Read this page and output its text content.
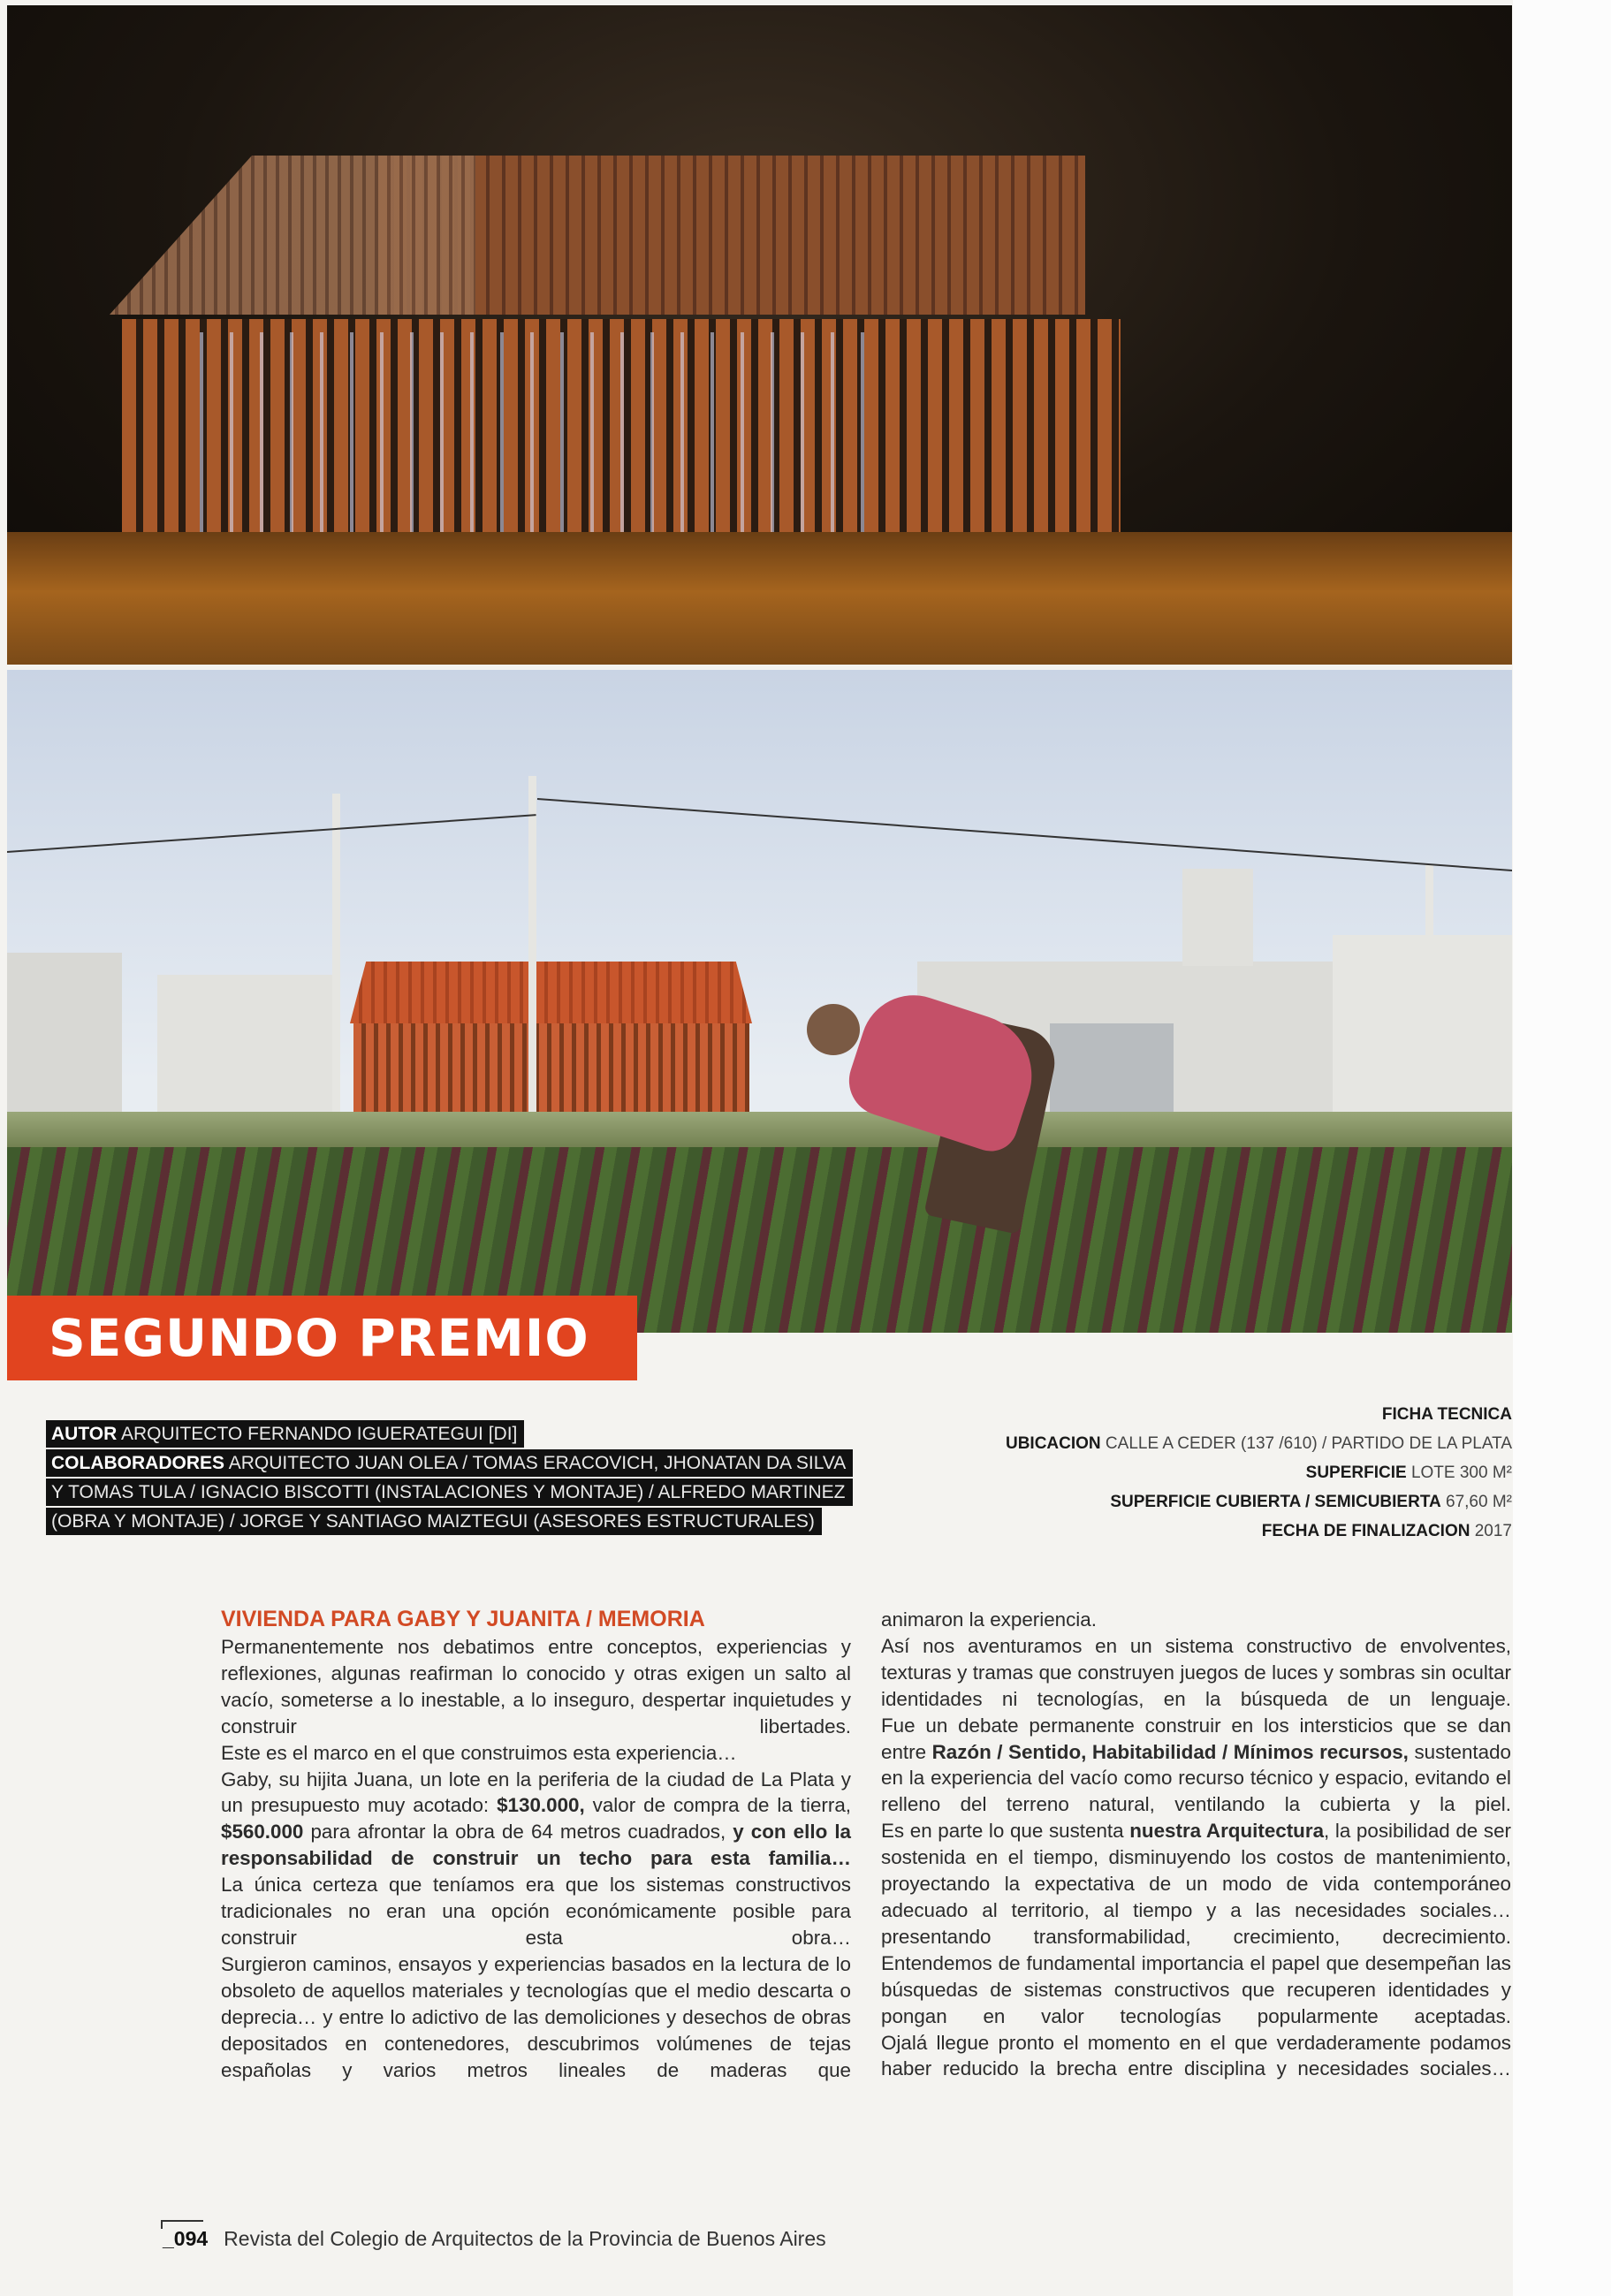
SEGUNDO PREMIO
AUTOR ARQUITECTO FERNANDO IGUERATEGUI [DI]
COLABORADORES ARQUITECTO JUAN OLEA / TOMAS ERACOVICH, JHONATAN DA SILVA
Y TOMAS TULA / IGNACIO BISCOTTI (INSTALACIONES Y MONTAJE) / ALFREDO MARTINEZ
(OBRA Y MONTAJE) / JORGE Y SANTIAGO MAIZTEGUI (ASESORES ESTRUCTURALES)
FICHA TECNICA
UBICACION CALLE A CEDER (137 /610) / PARTIDO DE LA PLATA
SUPERFICIE LOTE 300 M²
SUPERFICIE CUBIERTA / SEMICUBIERTA 67,60 M²
FECHA DE FINALIZACION 2017
VIVIENDA PARA GABY Y JUANITA / MEMORIA

Permanentemente nos debatimos entre conceptos, experiencias y reflexiones, algunas reafirman lo conocido y otras exigen un salto al vacío, someterse a lo inestable, a lo inseguro, despertar inquietudes y construir libertades.

Este es el marco en el que construimos esta experiencia…

Gaby, su hijita Juana, un lote en la periferia de la ciudad de La Plata y un presupuesto muy acotado: $130.000, valor de compra de la tierra, $560.000 para afrontar la obra de 64 metros cuadrados, y con ello la responsabilidad de construir un techo para esta familia…

La única certeza que teníamos era que los sistemas constructivos tradicionales no eran una opción económicamente posible para construir esta obra…

Surgieron caminos, ensayos y experiencias basados en la lectura de lo obsoleto de aquellos materiales y tecnologías que el medio descarta o deprecia… y entre lo adictivo de las demoliciones y desechos de obras depositados en contenedores, descubrimos volúmenes de tejas españolas y varios metros lineales de maderas que

animaron la experiencia.

Así nos aventuramos en un sistema constructivo de envolventes, texturas y tramas que construyen juegos de luces y sombras sin ocultar identidades ni tecnologías, en la búsqueda de un lenguaje.

Fue un debate permanente construir en los intersticios que se dan entre Razón / Sentido, Habitabilidad / Mínimos recursos, sustentado en la experiencia del vacío como recurso técnico y espacio, evitando el relleno del terreno natural, ventilando la cubierta y la piel.

Es en parte lo que sustenta nuestra Arquitectura, la posibilidad de ser sostenida en el tiempo, disminuyendo los costos de mantenimiento, proyectando la expectativa de un modo de vida contemporáneo adecuado al territorio, al tiempo y a las necesidades sociales… presentando transformabilidad, crecimiento, decrecimiento.

Entendemos de fundamental importancia el papel que desempeñan las búsquedas de sistemas constructivos que recuperen identidades y pongan en valor tecnologías popularmente aceptadas.

Ojalá llegue pronto el momento en el que verdaderamente podamos haber reducido la brecha entre disciplina y necesidades sociales…

_094 Revista del Colegio de Arquitectos de la Provincia de Buenos Aires
